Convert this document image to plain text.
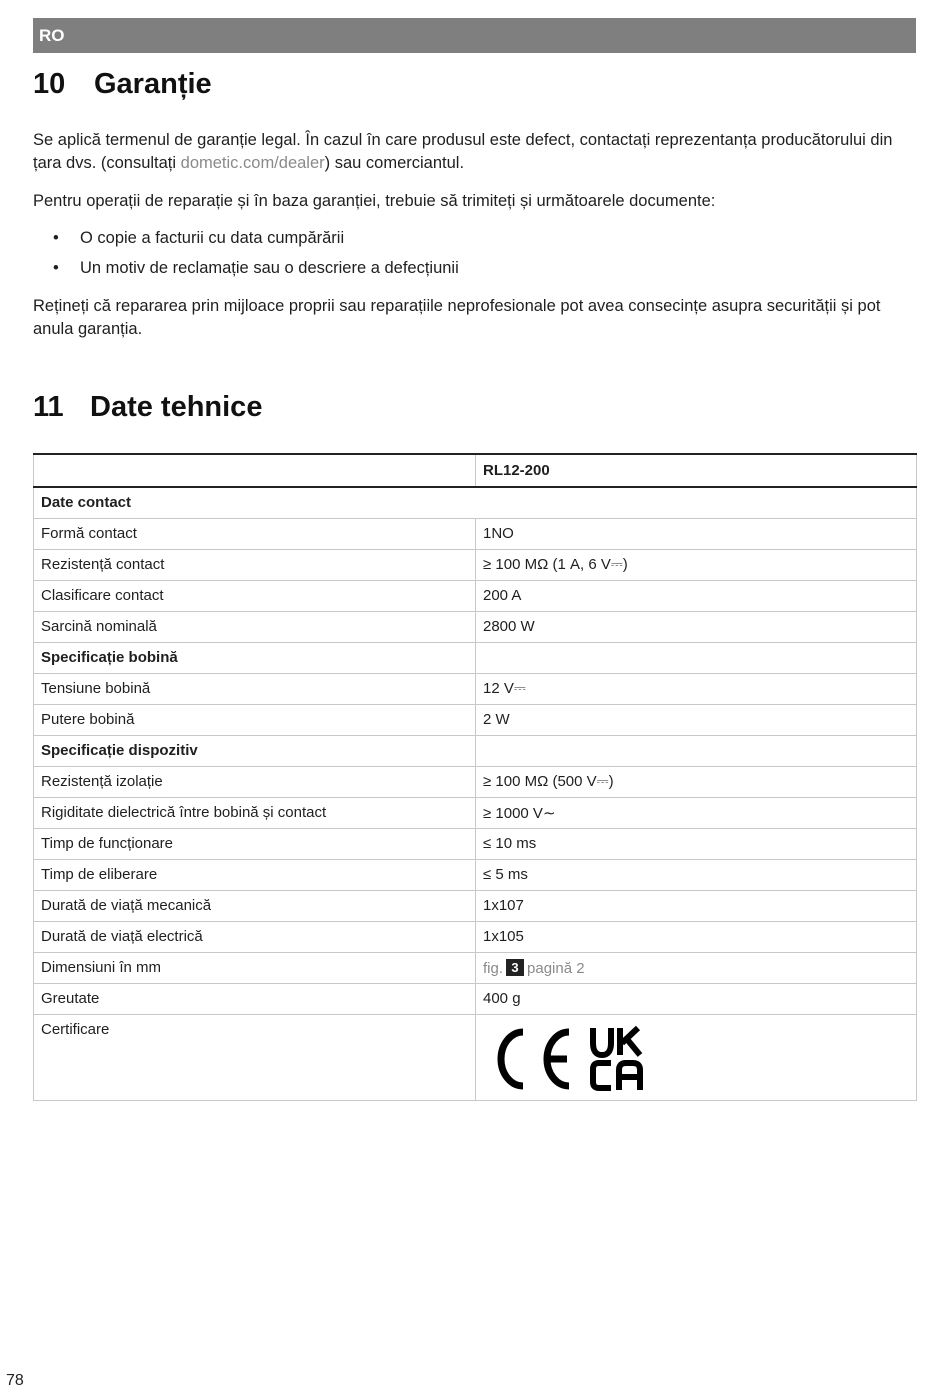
RO
10 Garanție

Se aplică termenul de garanție legal. În cazul în care produsul este defect, contactați reprezentanța producătorului din țara dvs. (consultați dometic.com/dealer) sau comerciantul.

Pentru operații de reparație și în baza garanției, trebuie să trimiteți și următoarele documente:

• O copie a facturii cu data cumpărării
• Un motiv de reclamație sau o descriere a defecțiunii

Rețineți că repararea prin mijloace proprii sau reparațiile neprofesionale pot avea consecințe asupra securității și pot anula garanția.

11 Date tehnice
	RL12-200
Date contact	
Formă contact	1NO
Rezistență contact	≥ 100 MΩ (1 A, 6 V⎓)
Clasificare contact	200 A
Sarcină nominală	2800 W
Specificație bobină	
Tensiune bobină	12 V⎓
Putere bobină	2 W
Specificație dispozitiv	
Rezistență izolație	≥ 100 MΩ (500 V⎓)
Rigiditate dielectrică între bobină și contact	≥ 1000 V∼
Timp de funcționare	≤ 10 ms
Timp de eliberare	≤ 5 ms
Durată de viață mecanică	1x107
Durată de viață electrică	1x105
Dimensiuni în mm	fig. 3 pagină 2
Greutate	400 g
Certificare	
78
